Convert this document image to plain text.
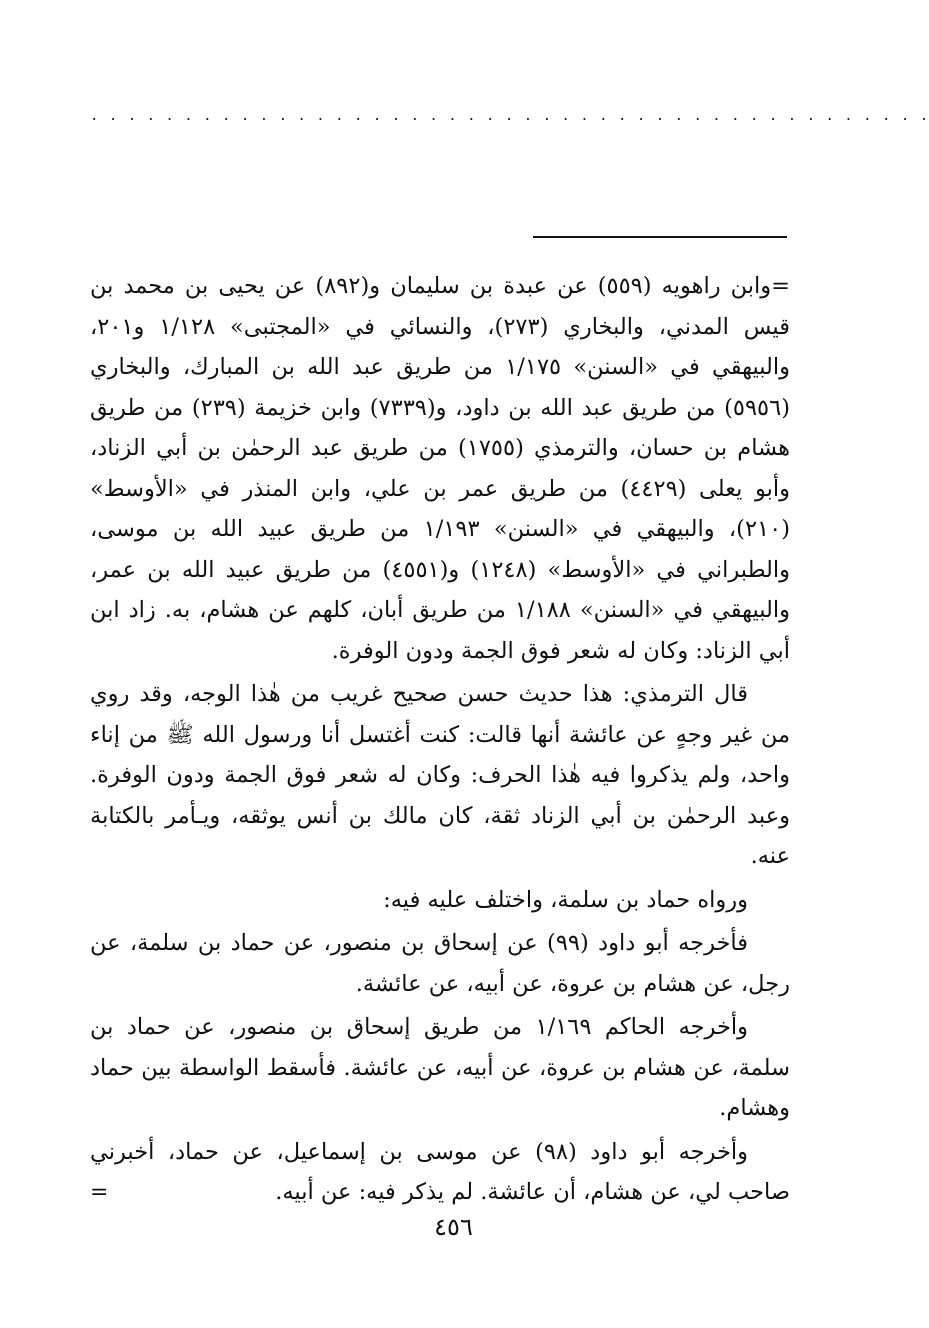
. . . . . . . . . . . . . . . . . . . . . . . . . . . . . . . . . . . . . . . . . . . . .

=وابن راهويه (٥٥٩) عن عبدة بن سليمان و(٨٩٢) عن يحيى بن محمد بن قيس المدني، والبخاري (٢٧٣)، والنسائي في «المجتبى» ١/١٢٨ و٢٠١، والبيهقي في «السنن» ١/١٧٥ من طريق عبد الله بن المبارك، والبخاري (٥٩٥٦) من طريق عبد الله بن داود، و(٧٣٣٩) وابن خزيمة (٢٣٩) من طريق هشام بن حسان، والترمذي (١٧٥٥) من طريق عبد الرحمٰن بن أبي الزناد، وأبو يعلى (٤٤٢٩) من طريق عمر بن علي، وابن المنذر في «الأوسط» (٢١٠)، والبيهقي في «السنن» ١/١٩٣ من طريق عبيد الله بن موسى، والطبراني في «الأوسط» (١٢٤٨) و(٤٥٥١) من طريق عبيد الله بن عمر، والبيهقي في «السنن» ١/١٨٨ من طريق أبان، كلهم عن هشام، به. زاد ابن أبي الزناد: وكان له شعر فوق الجمة ودون الوفرة.

قال الترمذي: هذا حديث حسن صحيح غريب من هٰذا الوجه، وقد روي من غير وجهٍ عن عائشة أنها قالت: كنت أغتسل أنا ورسول الله ﷺ من إناء واحد، ولم يذكروا فيه هٰذا الحرف: وكان له شعر فوق الجمة ودون الوفرة. وعبد الرحمٰن بن أبي الزناد ثقة، كان مالك بن أنس يوثقه، ويـأمر بالكتابة عنه.

ورواه حماد بن سلمة، واختلف عليه فيه:

فأخرجه أبو داود (٩٩) عن إسحاق بن منصور، عن حماد بن سلمة، عن رجل، عن هشام بن عروة، عن أبيه، عن عائشة.

وأخرجه الحاكم ١/١٦٩ من طريق إسحاق بن منصور، عن حماد بن سلمة، عن هشام بن عروة، عن أبيه، عن عائشة. فأسقط الواسطة بين حماد وهشام.

وأخرجه أبو داود (٩٨) عن موسى بن إسماعيل، عن حماد، أخبرني صاحب لي، عن هشام، أن عائشة. لم يذكر فيه: عن أبيه.

=
٤٥٦
